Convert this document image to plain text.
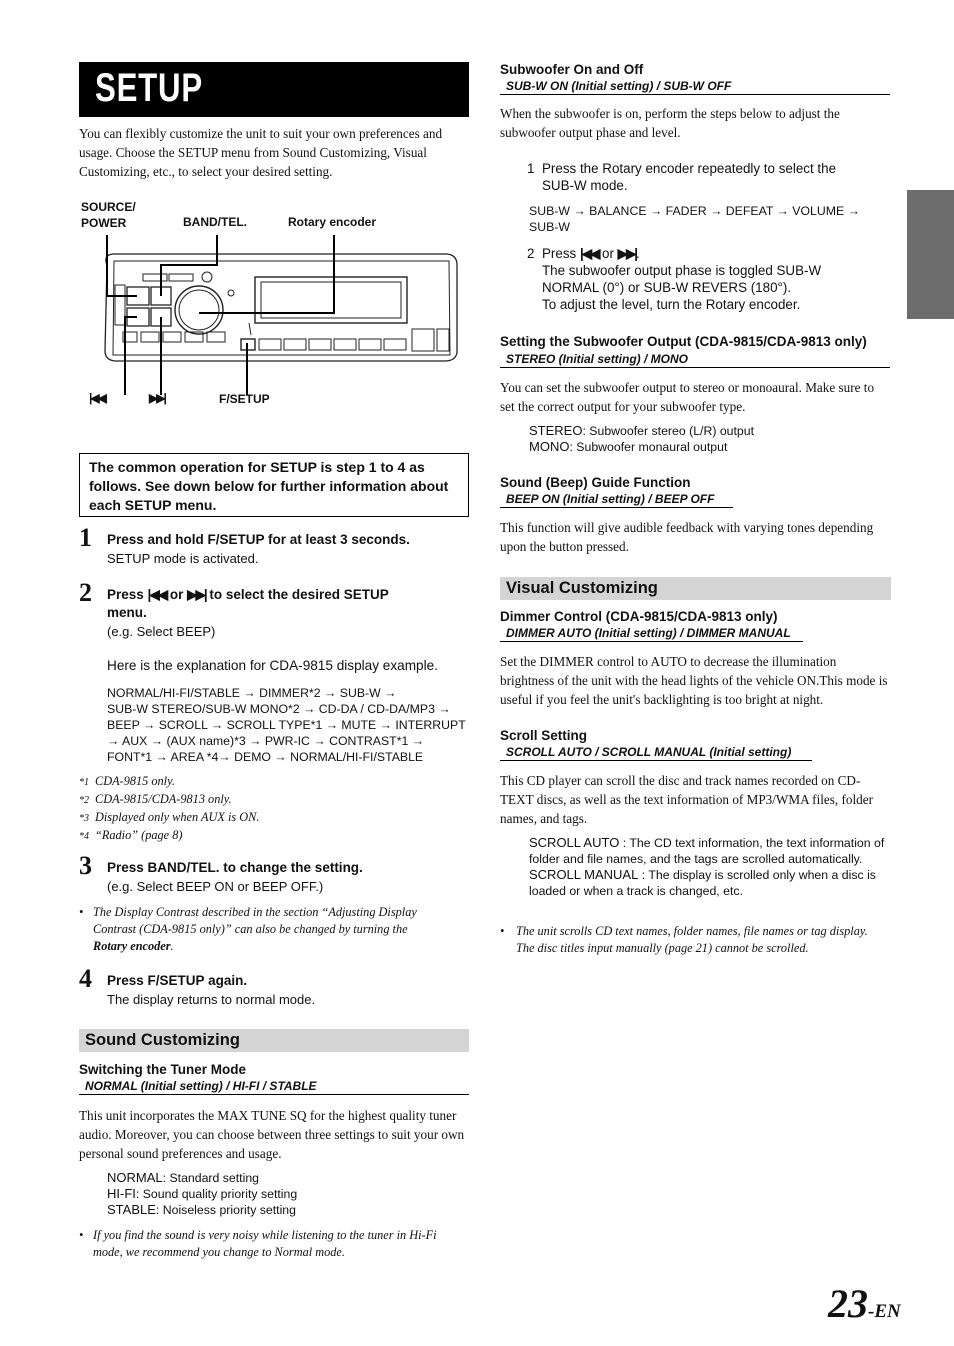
SETUP
You can flexibly customize the unit to suit your own preferences and usage. Choose the SETUP menu from Sound Customizing, Visual Customizing, etc., to select your desired setting.
SOURCE/
POWER	BAND/TEL.	Rotary encoder
|◀◀	▶▶|	F/SETUP
The common operation for SETUP is step 1 to 4 as follows. See down below for further information about each SETUP menu.
1 Press and hold F/SETUP for at least 3 seconds.
SETUP mode is activated.
2 Press |◀◀ or ▶▶| to select the desired SETUP
menu.
(e.g. Select BEEP)
Here is the explanation for CDA-9815 display example.
NORMAL/HI-FI/STABLE → DIMMER*2 → SUB-W →
SUB-W STEREO/SUB-W MONO*2 → CD-DA / CD-DA/MP3 →
BEEP → SCROLL → SCROLL TYPE*1 → MUTE → INTERRUPT
→ AUX → (AUX name)*3 → PWR-IC → CONTRAST*1 →
FONT*1 → AREA *4→ DEMO → NORMAL/HI-FI/STABLE
*1 CDA-9815 only.
*2 CDA-9815/CDA-9813 only.
*3 Displayed only when AUX is ON.
*4 “Radio” (page 8)
3 Press BAND/TEL. to change the setting.
(e.g. Select BEEP ON or BEEP OFF.)
• The Display Contrast described in the section “Adjusting Display
Contrast (CDA-9815 only)” can also be changed by turning the
Rotary encoder.
4 Press F/SETUP again.
The display returns to normal mode.
Sound Customizing
Switching the Tuner Mode
NORMAL (Initial setting) / HI-FI / STABLE
This unit incorporates the MAX TUNE SQ for the highest quality tuner audio. Moreover, you can choose between three settings to suit your own personal sound preferences and usage.
NORMAL: Standard setting
HI-FI: Sound quality priority setting
STABLE: Noiseless priority setting
• If you find the sound is very noisy while listening to the tuner in Hi-Fi mode, we recommend you change to Normal mode.
Subwoofer On and Off
SUB-W ON (Initial setting) / SUB-W OFF
When the subwoofer is on, perform the steps below to adjust the subwoofer output phase and level.
1 Press the Rotary encoder repeatedly to select the
SUB-W mode.
SUB-W → BALANCE → FADER → DEFEAT → VOLUME →
SUB-W
2 Press |◀◀ or ▶▶|.
The subwoofer output phase is toggled SUB-W
NORMAL (0°) or SUB-W REVERS (180°).
To adjust the level, turn the Rotary encoder.
Setting the Subwoofer Output (CDA-9815/CDA-9813 only)
STEREO (Initial setting) / MONO
You can set the subwoofer output to stereo or monoaural. Make sure to set the correct output for your subwoofer type.
STEREO: Subwoofer stereo (L/R) output
MONO: Subwoofer monaural output
Sound (Beep) Guide Function
BEEP ON (Initial setting) / BEEP OFF
This function will give audible feedback with varying tones depending upon the button pressed.
Visual Customizing
Dimmer Control (CDA-9815/CDA-9813 only)
DIMMER AUTO (Initial setting) / DIMMER MANUAL
Set the DIMMER control to AUTO to decrease the illumination brightness of the unit with the head lights of the vehicle ON.This mode is useful if you feel the unit's backlighting is too bright at night.
Scroll Setting
SCROLL AUTO / SCROLL MANUAL (Initial setting)
This CD player can scroll the disc and track names recorded on CD-TEXT discs, as well as the text information of MP3/WMA files, folder names, and tags.
SCROLL AUTO : The CD text information, the text information of folder and file names, and the tags are scrolled automatically.
SCROLL MANUAL : The display is scrolled only when a disc is loaded or when a track is changed, etc.
• The unit scrolls CD text names, folder names, file names or tag display. The disc titles input manually (page 21) cannot be scrolled.
23-EN
